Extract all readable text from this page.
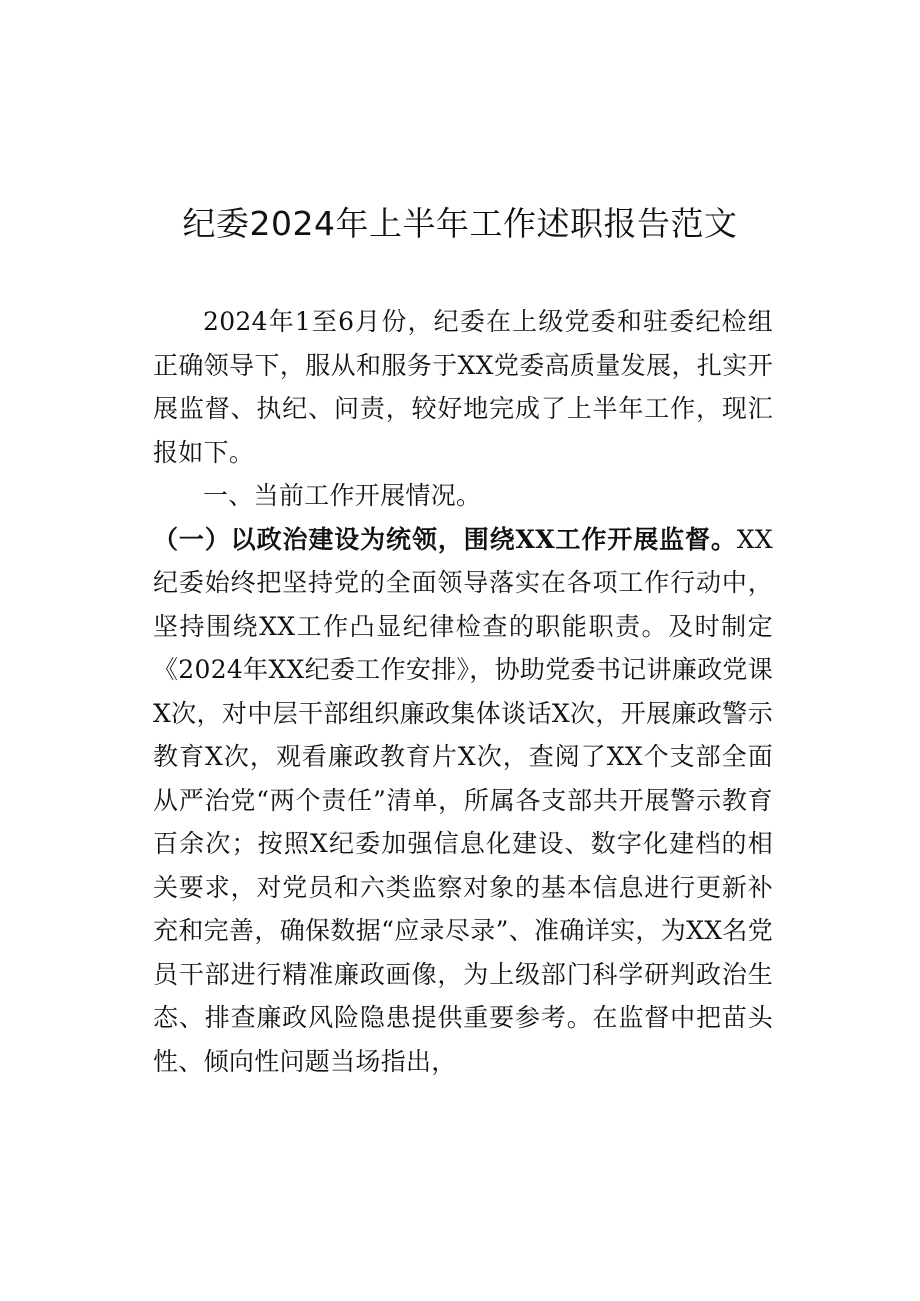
纪委2024年上半年工作述职报告范文

2024年1至6月份，纪委在上级党委和驻委纪检组正确领导下，服从和服务于XX党委高质量发展，扎实开展监督、执纪、问责，较好地完成了上半年工作，现汇报如下。

一、当前工作开展情况。

（一）以政治建设为统领，围绕XX工作开展监督。XX纪委始终把坚持党的全面领导落实在各项工作行动中，坚持围绕XX工作凸显纪律检查的职能职责。及时制定《2024年XX纪委工作安排》，协助党委书记讲廉政党课X次，对中层干部组织廉政集体谈话X次，开展廉政警示教育X次，观看廉政教育片X次，查阅了XX个支部全面从严治党“两个责任”清单，所属各支部共开展警示教育百余次；按照X纪委加强信息化建设、数字化建档的相关要求，对党员和六类监察对象的基本信息进行更新补充和完善，确保数据“应录尽录”、准确详实，为XX名党员干部进行精准廉政画像，为上级部门科学研判政治生态、排查廉政风险隐患提供重要参考。在监督中把苗头性、倾向性问题当场指出，
